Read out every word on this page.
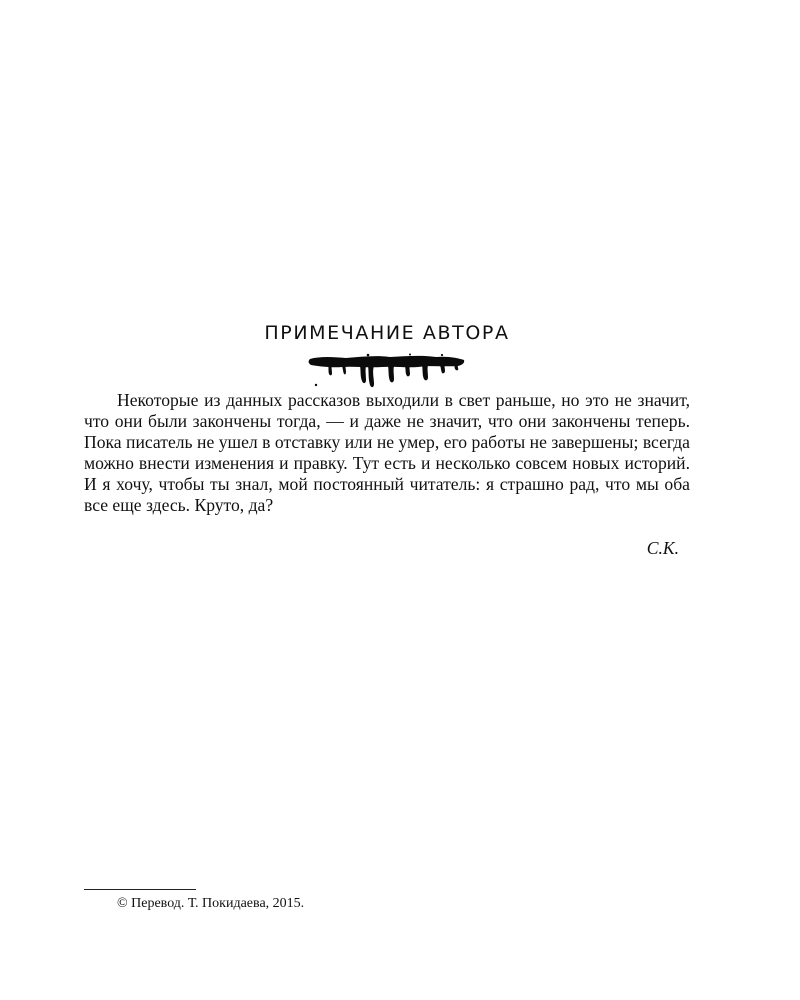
ПРИМЕЧАНИЕ АВТОРА

Некоторые из данных рассказов выходили в свет раньше, но это не значит, что они были закончены тогда, — и даже не значит, что они закончены теперь. Пока писатель не ушел в отставку или не умер, его работы не завершены; всегда можно внести изменения и правку. Тут есть и несколько совсем новых историй. И я хочу, чтобы ты знал, мой постоянный читатель: я страшно рад, что мы оба все еще здесь. Круто, да?

С.К.
© Перевод. Т. Покидаева, 2015.
